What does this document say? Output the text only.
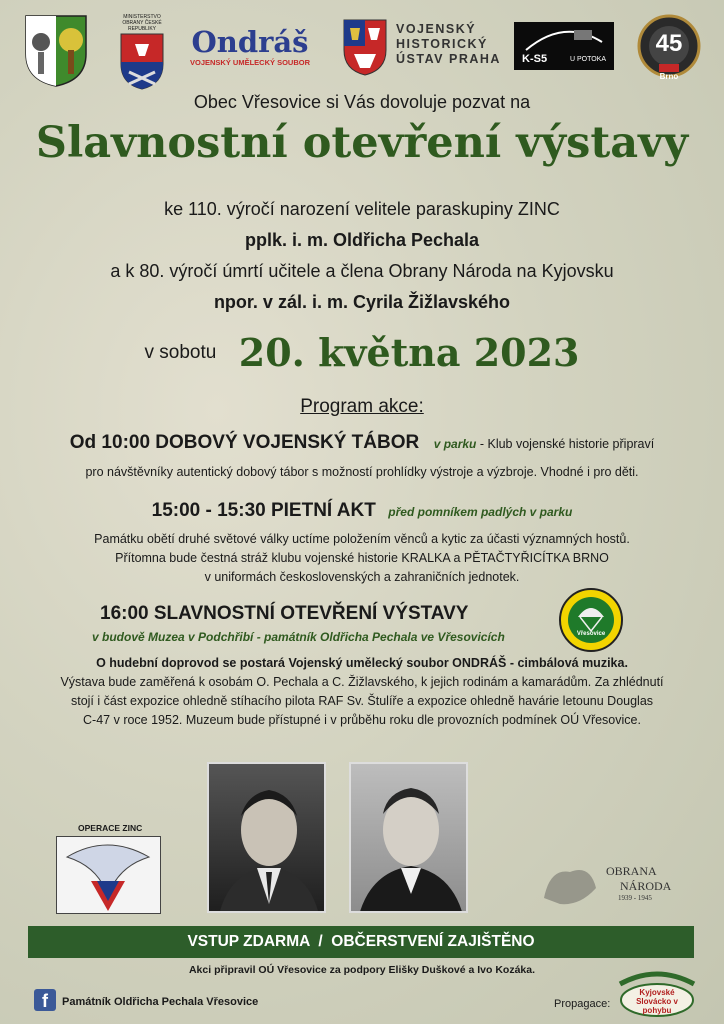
MINISTERSTVO OBRANY ČESKÉ REPUBLIKY	Ondráš
VOJENSKÝ UMĚLECKÝ SOUBOR
VOJENSKÝ
HISTORICKÝ
ÚSTAV PRAHA K-S5	U POTOKA
45
Brno
Obec Vřesovice si Vás dovoluje pozvat na
Slavnostní otevření výstavy
ke 110. výročí narození velitele paraskupiny ZINC
pplk. i. m. Oldřicha Pechala
a k 80. výročí úmrtí učitele a člena Obrany Národa na Kyjovsku
npor. v zál. i. m. Cyrila Žižlavského
v sobotu 20. května 2023
Program akce:
Od 10:00 DOBOVÝ VOJENSKÝ TÁBOR v parku - Klub vojenské historie připraví
pro návštěvníky autentický dobový tábor s možností prohlídky výstroje a výzbroje. Vhodné i pro děti.
15:00 - 15:30 PIETNÍ AKT před pomníkem padlých v parku
Památku obětí druhé světové války uctíme položením věnců a kytic za účasti významných hostů.
Přítomna bude čestná stráž klubu vojenské historie KRALKA a PĚTAČTYŘICÍTKA BRNO
v uniformách československých a zahraničních jednotek.
16:00 SLAVNOSTNÍ OTEVŘENÍ VÝSTAVY
v budově Muzea v Podchřibí - památník Oldřicha Pechala ve Vřesovicích	Vřesovice
O hudební doprovod se postará Vojenský umělecký soubor ONDRÁŠ - cimbálová muzika.
Výstava bude zaměřená k osobám O. Pechala a C. Žižlavského, k jejich rodinám a kamarádům. Za zhlédnutí
stojí i část expozice ohledně stíhacího pilota RAF Sv. Štulíře a expozice ohledně havárie letounu Douglas
C-47 v roce 1952. Muzeum bude přístupné i v průběhu roku dle provozních podmínek OÚ Vřesovice.
OPERACE ZINC
OBRANA
NÁRODA
1939 - 1945
VSTUP ZDARMA  /  OBČERSTVENÍ ZAJIŠTĚNO
Akci připravil OÚ Vřesovice za podpory Elišky Duškové a Ivo Kozáka.
f	Památník Oldřicha Pechala Vřesovice	Propagace:
Kyjovské Slovácko v pohybu
